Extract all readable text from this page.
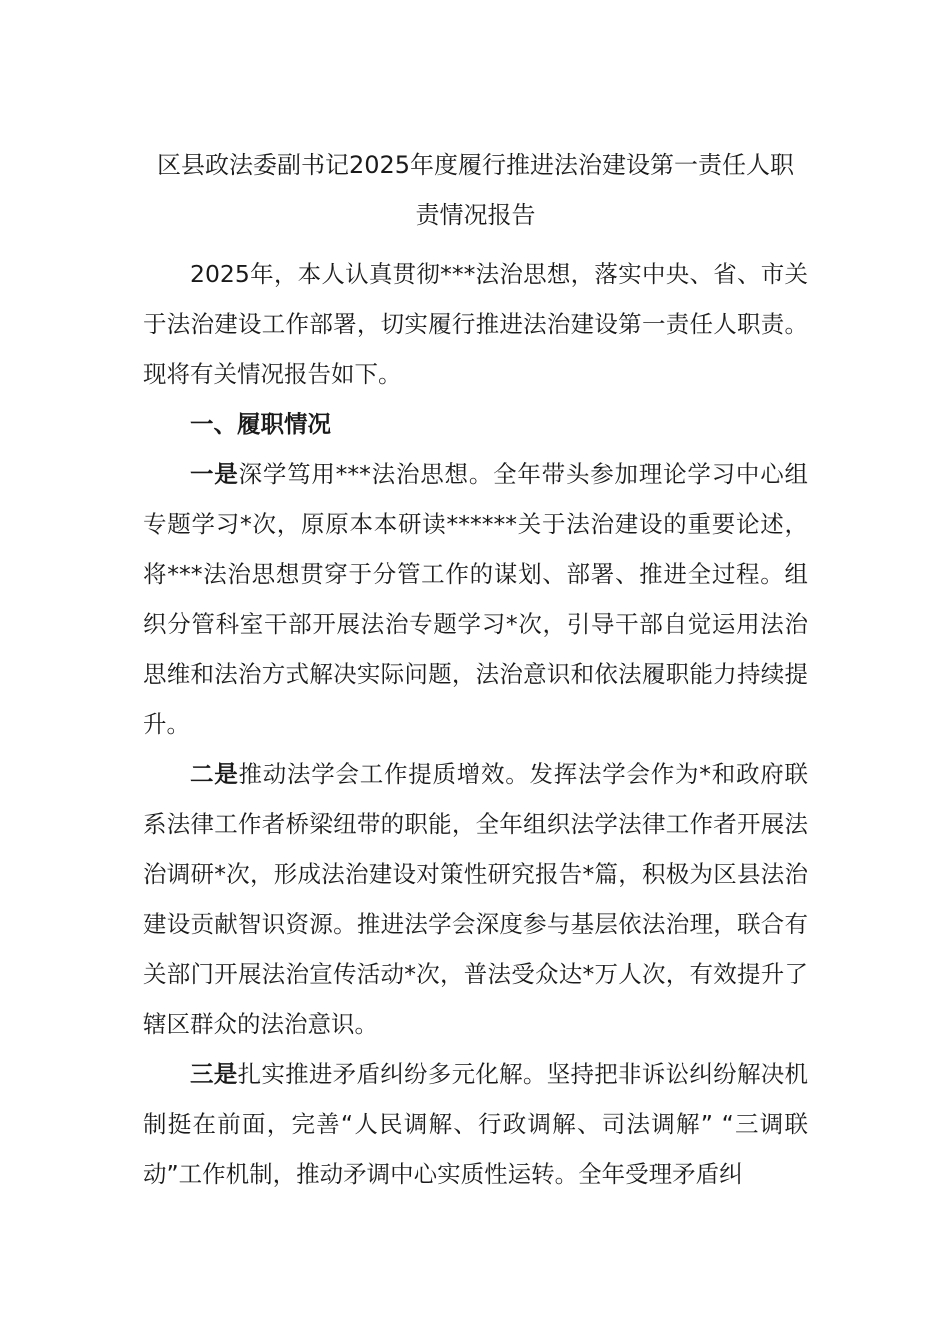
区县政法委副书记2025年度履行推进法治建设第一责任人职
责情况报告

2025年，本人认真贯彻***法治思想，落实中央、省、市关于法治建设工作部署，切实履行推进法治建设第一责任人职责。现将有关情况报告如下。

一、履职情况

一是深学笃用***法治思想。全年带头参加理论学习中心组专题学习*次，原原本本研读******关于法治建设的重要论述，将***法治思想贯穿于分管工作的谋划、部署、推进全过程。组织分管科室干部开展法治专题学习*次，引导干部自觉运用法治思维和法治方式解决实际问题，法治意识和依法履职能力持续提升。

二是推动法学会工作提质增效。发挥法学会作为*和政府联系法律工作者桥梁纽带的职能，全年组织法学法律工作者开展法治调研*次，形成法治建设对策性研究报告*篇，积极为区县法治建设贡献智识资源。推进法学会深度参与基层依法治理，联合有关部门开展法治宣传活动*次，普法受众达*万人次，有效提升了辖区群众的法治意识。

三是扎实推进矛盾纠纷多元化解。坚持把非诉讼纠纷解决机制挺在前面，完善“人民调解、行政调解、司法调解” “三调联动”工作机制，推动矛调中心实质性运转。全年受理矛盾纠
